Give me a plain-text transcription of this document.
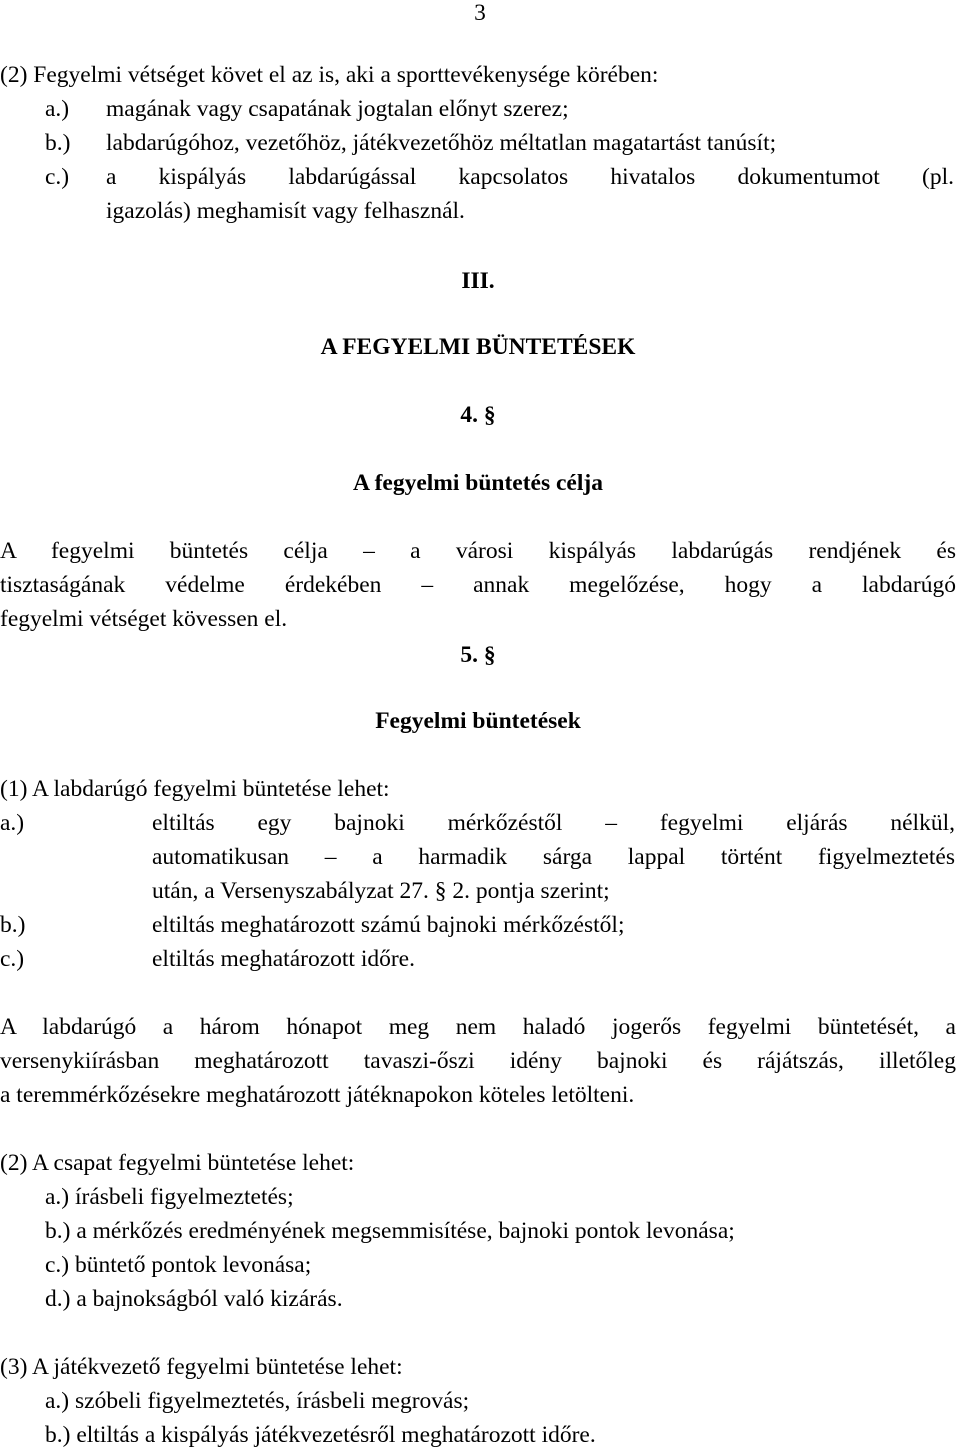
3
(2) Fegyelmi vétséget követ el az is, aki a sporttevékenysége körében:
a.) magának vagy csapatának jogtalan előnyt szerez;
b.) labdarúgóhoz, vezetőhöz, játékvezetőhöz méltatlan magatartást tanúsít;
c.) a kispályás labdarúgással kapcsolatos hivatalos dokumentumot (pl.
igazolás) meghamisít vagy felhasznál.
III.
A FEGYELMI BÜNTETÉSEK
4. §
A fegyelmi büntetés célja
A fegyelmi büntetés célja – a városi kispályás labdarúgás rendjének és
tisztaságának védelme érdekében – annak megelőzése, hogy a labdarúgó
fegyelmi vétséget kövessen el.
5. §
Fegyelmi büntetések
(1) A labdarúgó fegyelmi büntetése lehet:
a.)	eltiltás egy bajnoki mérkőzéstől – fegyelmi eljárás nélkül,
automatikusan – a harmadik sárga lappal történt figyelmeztetés
után, a Versenyszabályzat 27. § 2. pontja szerint;
b.)	eltiltás meghatározott számú bajnoki mérkőzéstől;
c.)	eltiltás meghatározott időre.
A labdarúgó a három hónapot meg nem haladó jogerős fegyelmi büntetését, a
versenykiírásban meghatározott tavaszi-őszi idény bajnoki és rájátszás, illetőleg
a teremmérkőzésekre meghatározott játéknapokon köteles letölteni.
(2) A csapat fegyelmi büntetése lehet:
a.) írásbeli figyelmeztetés;
b.) a mérkőzés eredményének megsemmisítése, bajnoki pontok levonása;
c.) büntető pontok levonása;
d.) a bajnokságból való kizárás.
(3) A játékvezető fegyelmi büntetése lehet:
a.) szóbeli figyelmeztetés, írásbeli megrovás;
b.) eltiltás a kispályás játékvezetésről meghatározott időre.
